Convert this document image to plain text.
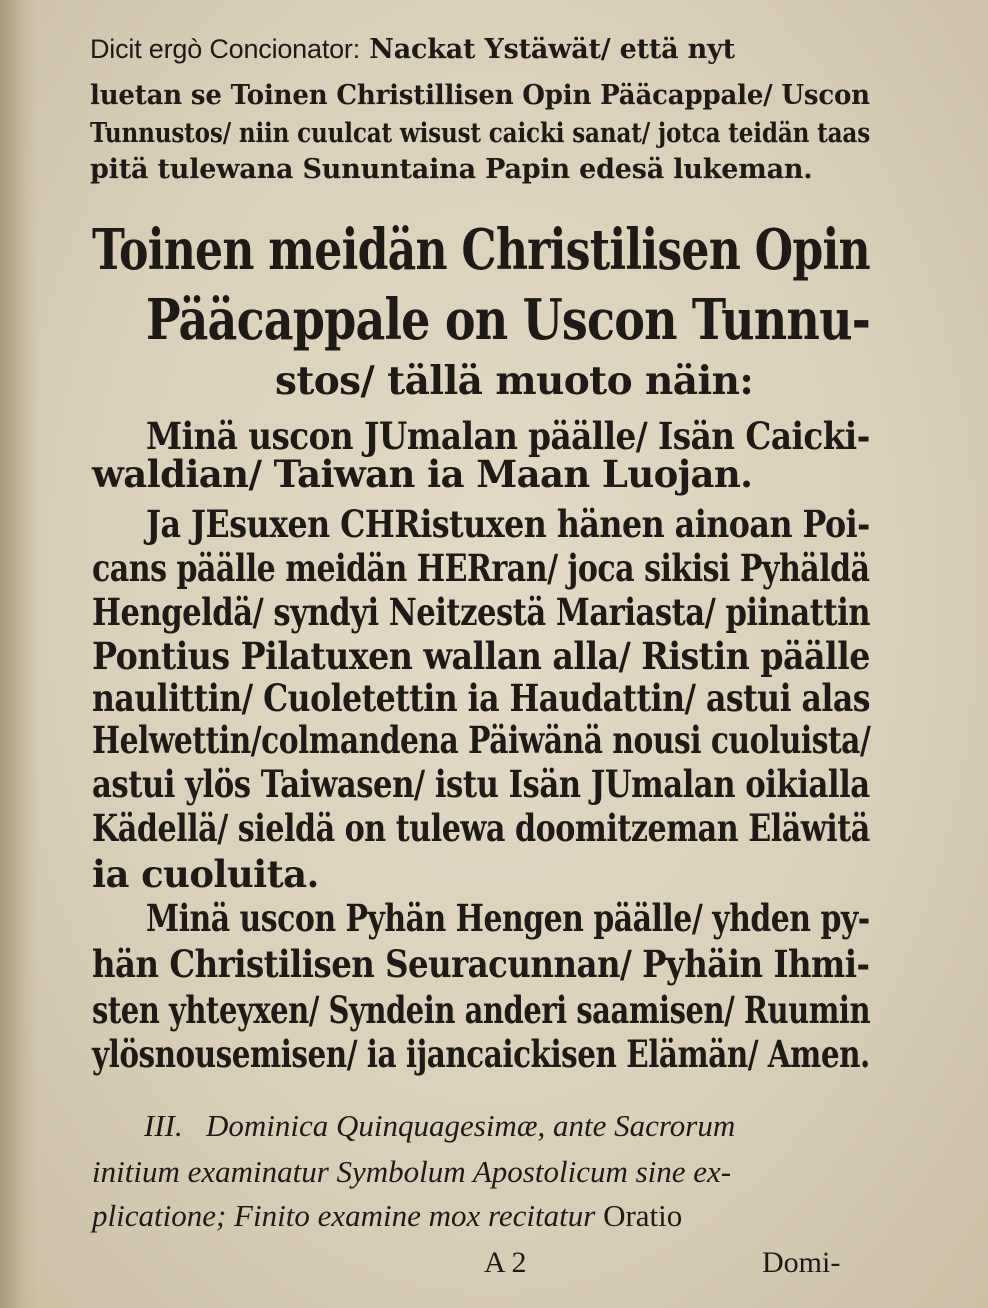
Dicit ergò Concionator: Nackat Ystäwät/ että nyt

luetan se Toinen Christillisen Opin Pääcappale/ Uscon

Tunnustos/ niin cuulcat wisust caicki sanat/ jotca teidän taas

pitä tulewana Sununtaina Papin edesä lukeman.

Toinen meidän Christilisen Opin
Pääcappale on Uscon Tunnu-
stos/ tällä muoto näin:

Minä uscon JUmalan päälle/ Isän Caicki-

waldian/ Taiwan ia Maan Luojan.

Ja JEsuxen CHRistuxen hänen ainoan Poi-

cans päälle meidän HERran/ joca sikisi Pyhäldä

Hengeldä/ syndyi Neitzestä Mariasta/ piinattin

Pontius Pilatuxen wallan alla/ Ristin päälle

naulittin/ Cuoletettin ia Haudattin/ astui alas

Helwettin/colmandena Päiwänä nousi cuoluista/

astui ylös Taiwasen/ istu Isän JUmalan oikialla

Kädellä/ sieldä on tulewa doomitzeman Eläwitä

ia cuoluita.

Minä uscon Pyhän Hengen päälle/ yhden py-

hän Christilisen Seuracunnan/ Pyhäin Ihmi-

sten yhteyxen/ Syndein anderi saamisen/ Ruumin

ylösnousemisen/ ia ijancaickisen Elämän/ Amen.

III. Dominica Quinquagesimæ, ante Sacrorum

initium examinatur Symbolum Apostolicum sine ex-

plicatione; Finito examine mox recitatur Oratio

A 2	Domi-
